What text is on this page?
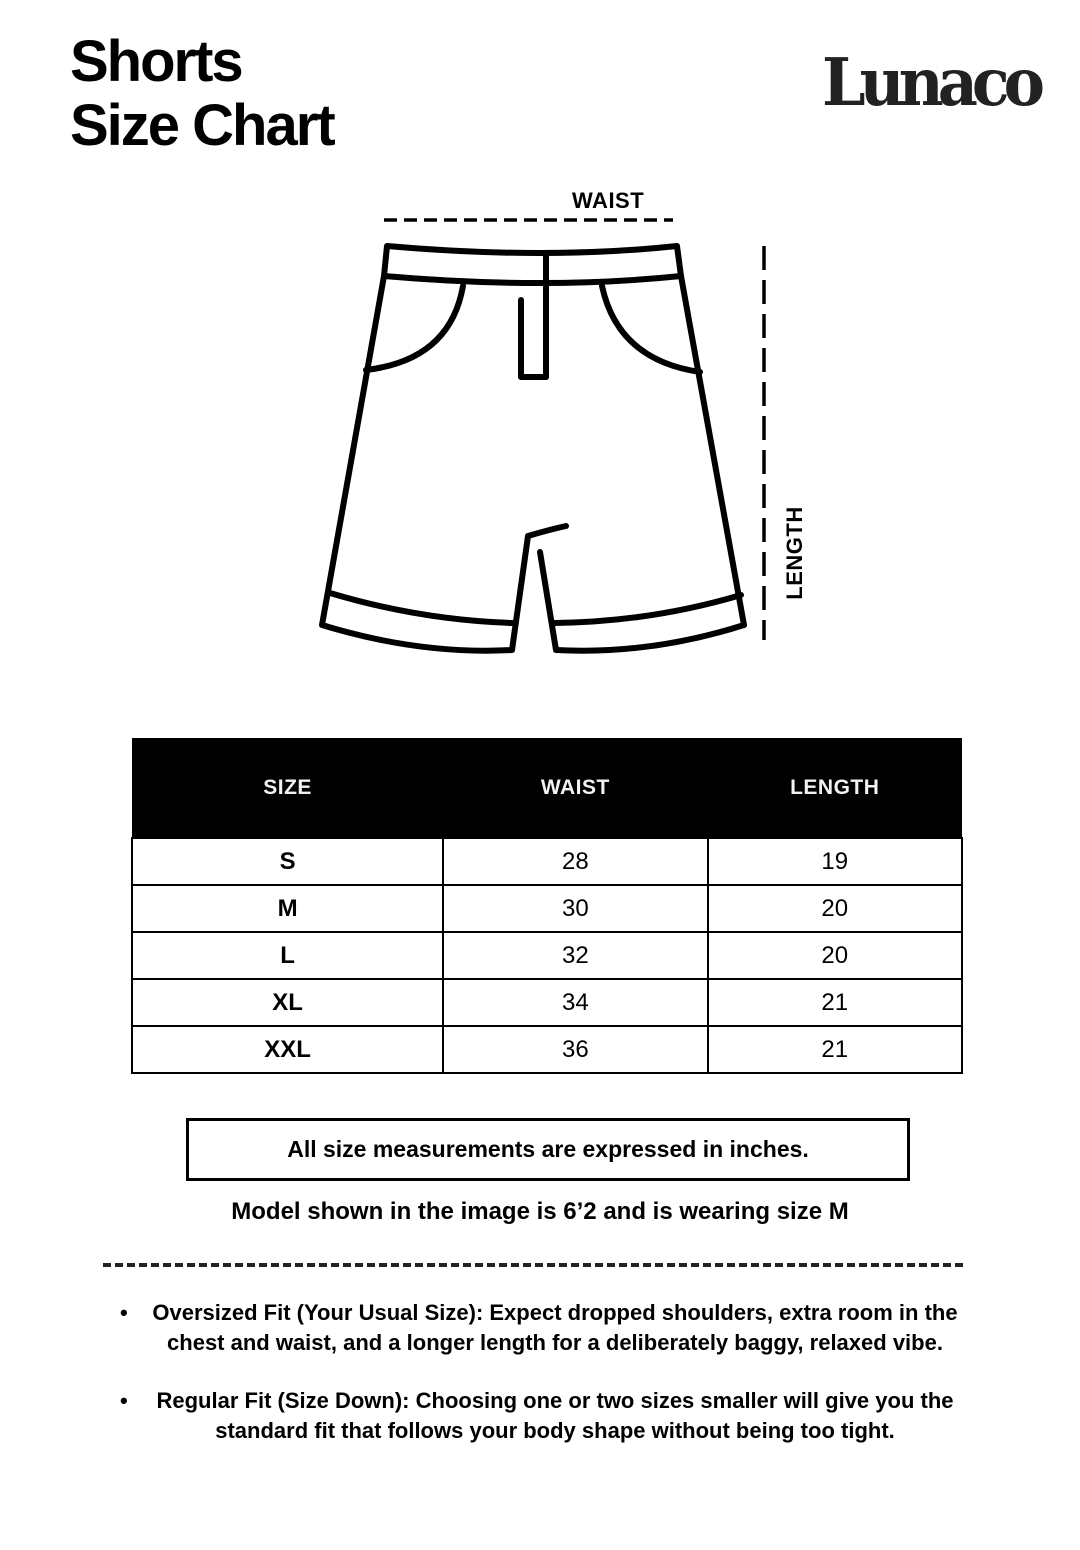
Shorts
Size Chart
Lunaco
WAIST
LENGTH
SIZE	WAIST	LENGTH
S	28	19
M	30	20
L	32	20
XL	34	21
XXL	36	21
All size measurements are expressed in inches.
Model shown in the image is 6’2 and is wearing size M
• Oversized Fit (Your Usual Size): Expect dropped shoulders, extra room in the chest and waist, and a longer length for a deliberately baggy, relaxed vibe.
• Regular Fit (Size Down): Choosing one or two sizes smaller will give you the standard fit that follows your body shape without being too tight.
